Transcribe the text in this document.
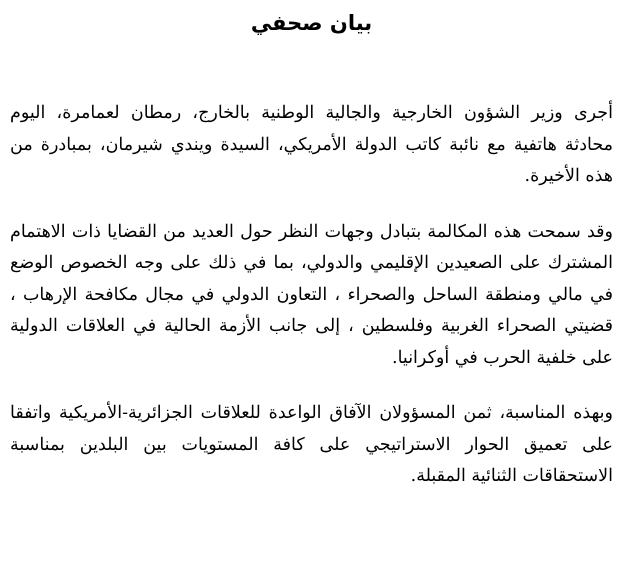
بيان صحفي

أجرى وزير الشؤون الخارجية والجالية الوطنية بالخارج، رمطان لعمامرة، اليوم محادثة هاتفية مع نائبة كاتب الدولة الأمريكي، السيدة ويندي شيرمان، بمبادرة من هذه الأخيرة.

وقد سمحت هذه المكالمة بتبادل وجهات النظر حول العديد من القضايا ذات الاهتمام المشترك على الصعيدين الإقليمي والدولي، بما في ذلك على وجه الخصوص الوضع في مالي ومنطقة الساحل والصحراء ، التعاون الدولي في مجال مكافحة الإرهاب ، قضيتي الصحراء الغربية وفلسطين ، إلى جانب الأزمة الحالية في العلاقات الدولية على خلفية الحرب في أوكرانيا.

وبهذه المناسبة، ثمن المسؤولان الآفاق الواعدة للعلاقات الجزائرية-الأمريكية واتفقا على تعميق الحوار الاستراتيجي على كافة المستويات بين البلدين بمناسبة الاستحقاقات الثنائية المقبلة.
